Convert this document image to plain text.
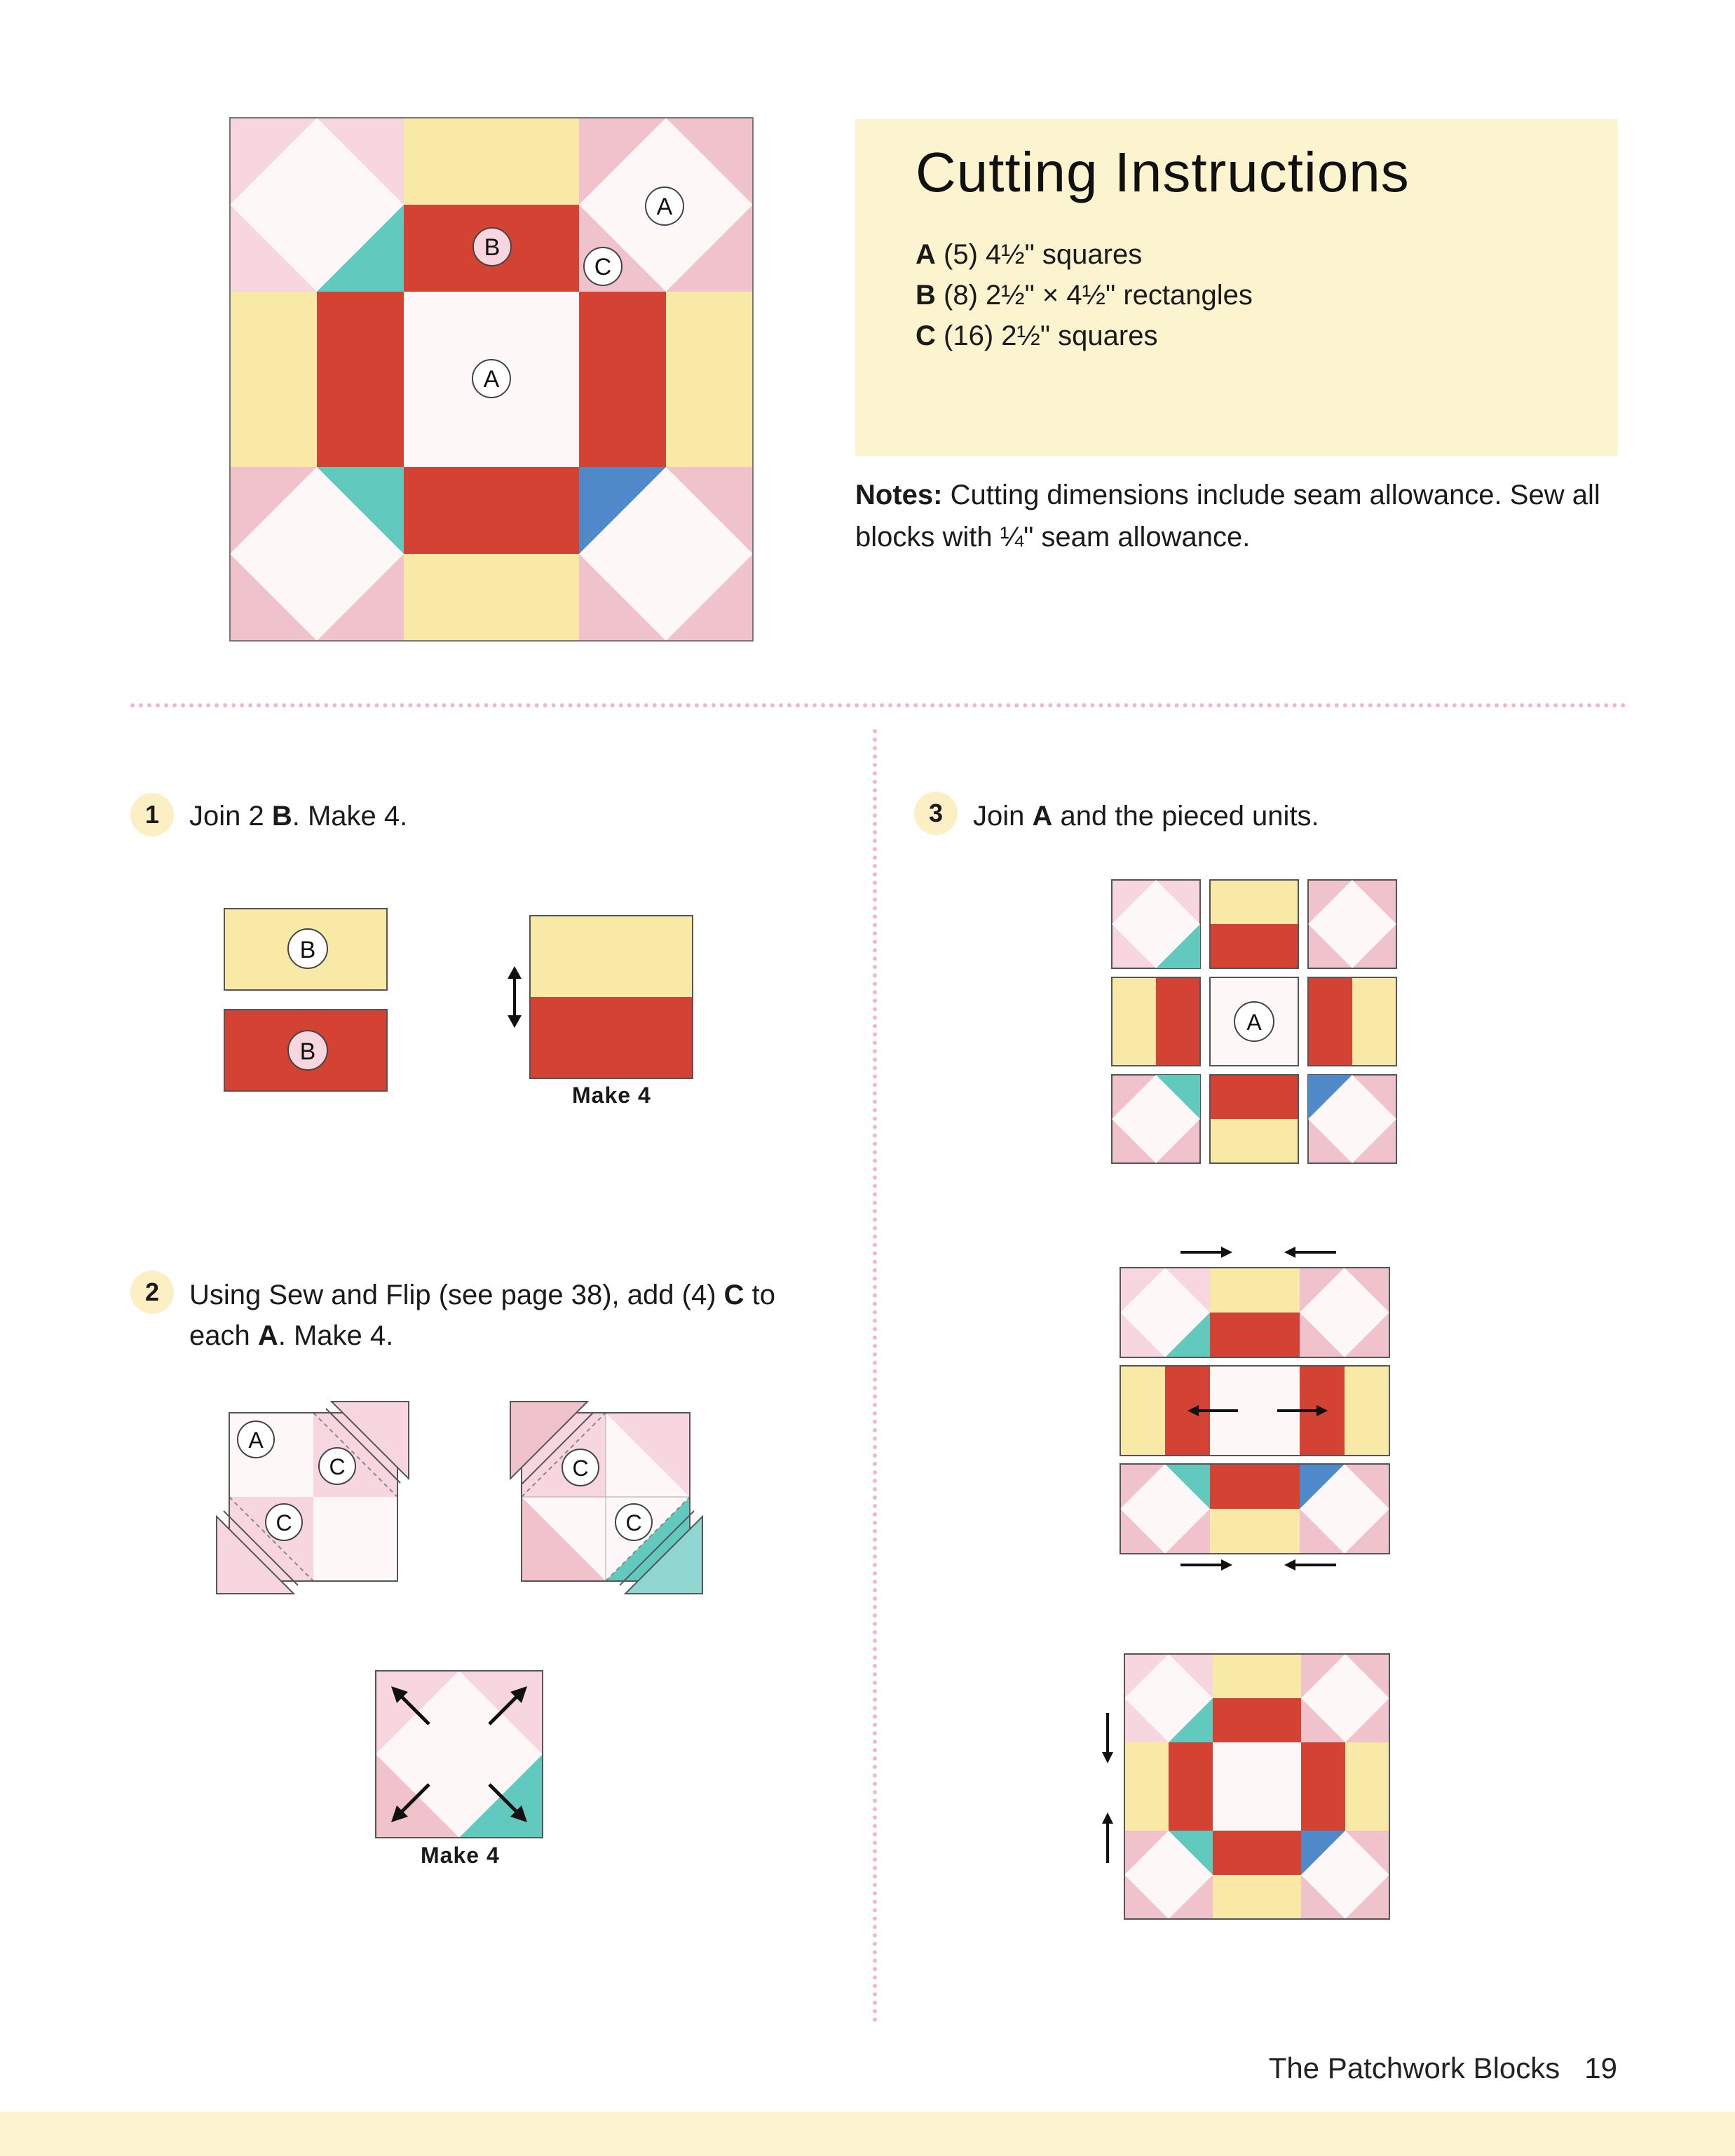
B
A
C
A
Cutting Instructions
A (5) 4½" squares
B (8) 2½" × 4½" rectangles
C (16) 2½" squares
Notes: Cutting dimensions include seam allowance. Sew all blocks with ¼" seam allowance.
1	Join 2 B. Make 4.
B
B
Make 4
2	Using Sew and Flip (see page 38), add (4) C to
each A. Make 4.
A
C
C
C
C
Make 4
3	Join A and the pieced units.
A
The Patchwork Blocks 19
